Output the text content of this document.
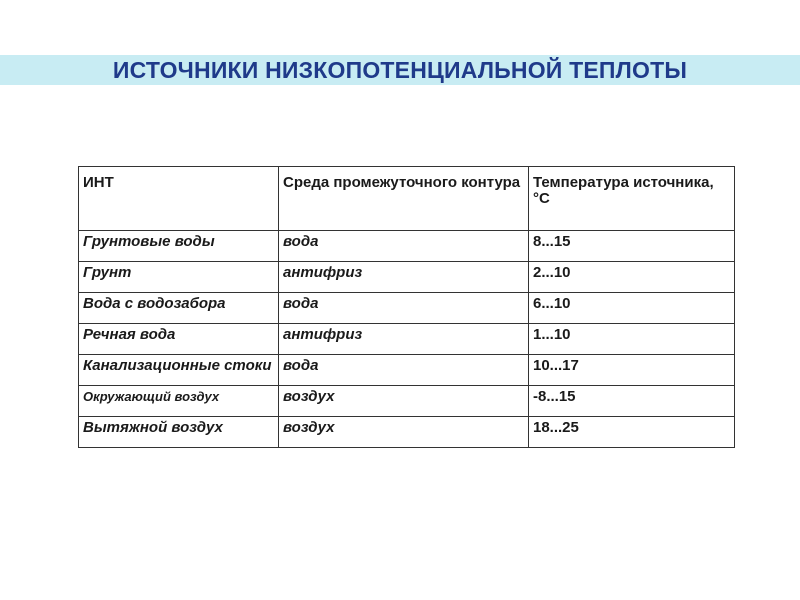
ИСТОЧНИКИ НИЗКОПОТЕНЦИАЛЬНОЙ ТЕПЛОТЫ
ИНТ	Среда промежуточного контура	Температура источника, °С
Грунтовые воды	вода	8...15
Грунт	антифриз	2...10
Вода с водозабора	вода	6...10
Речная вода	антифриз	1...10
Канализационные стоки	вода	10...17
Окружающий воздух	воздух	-8...15
Вытяжной воздух	воздух	18...25
